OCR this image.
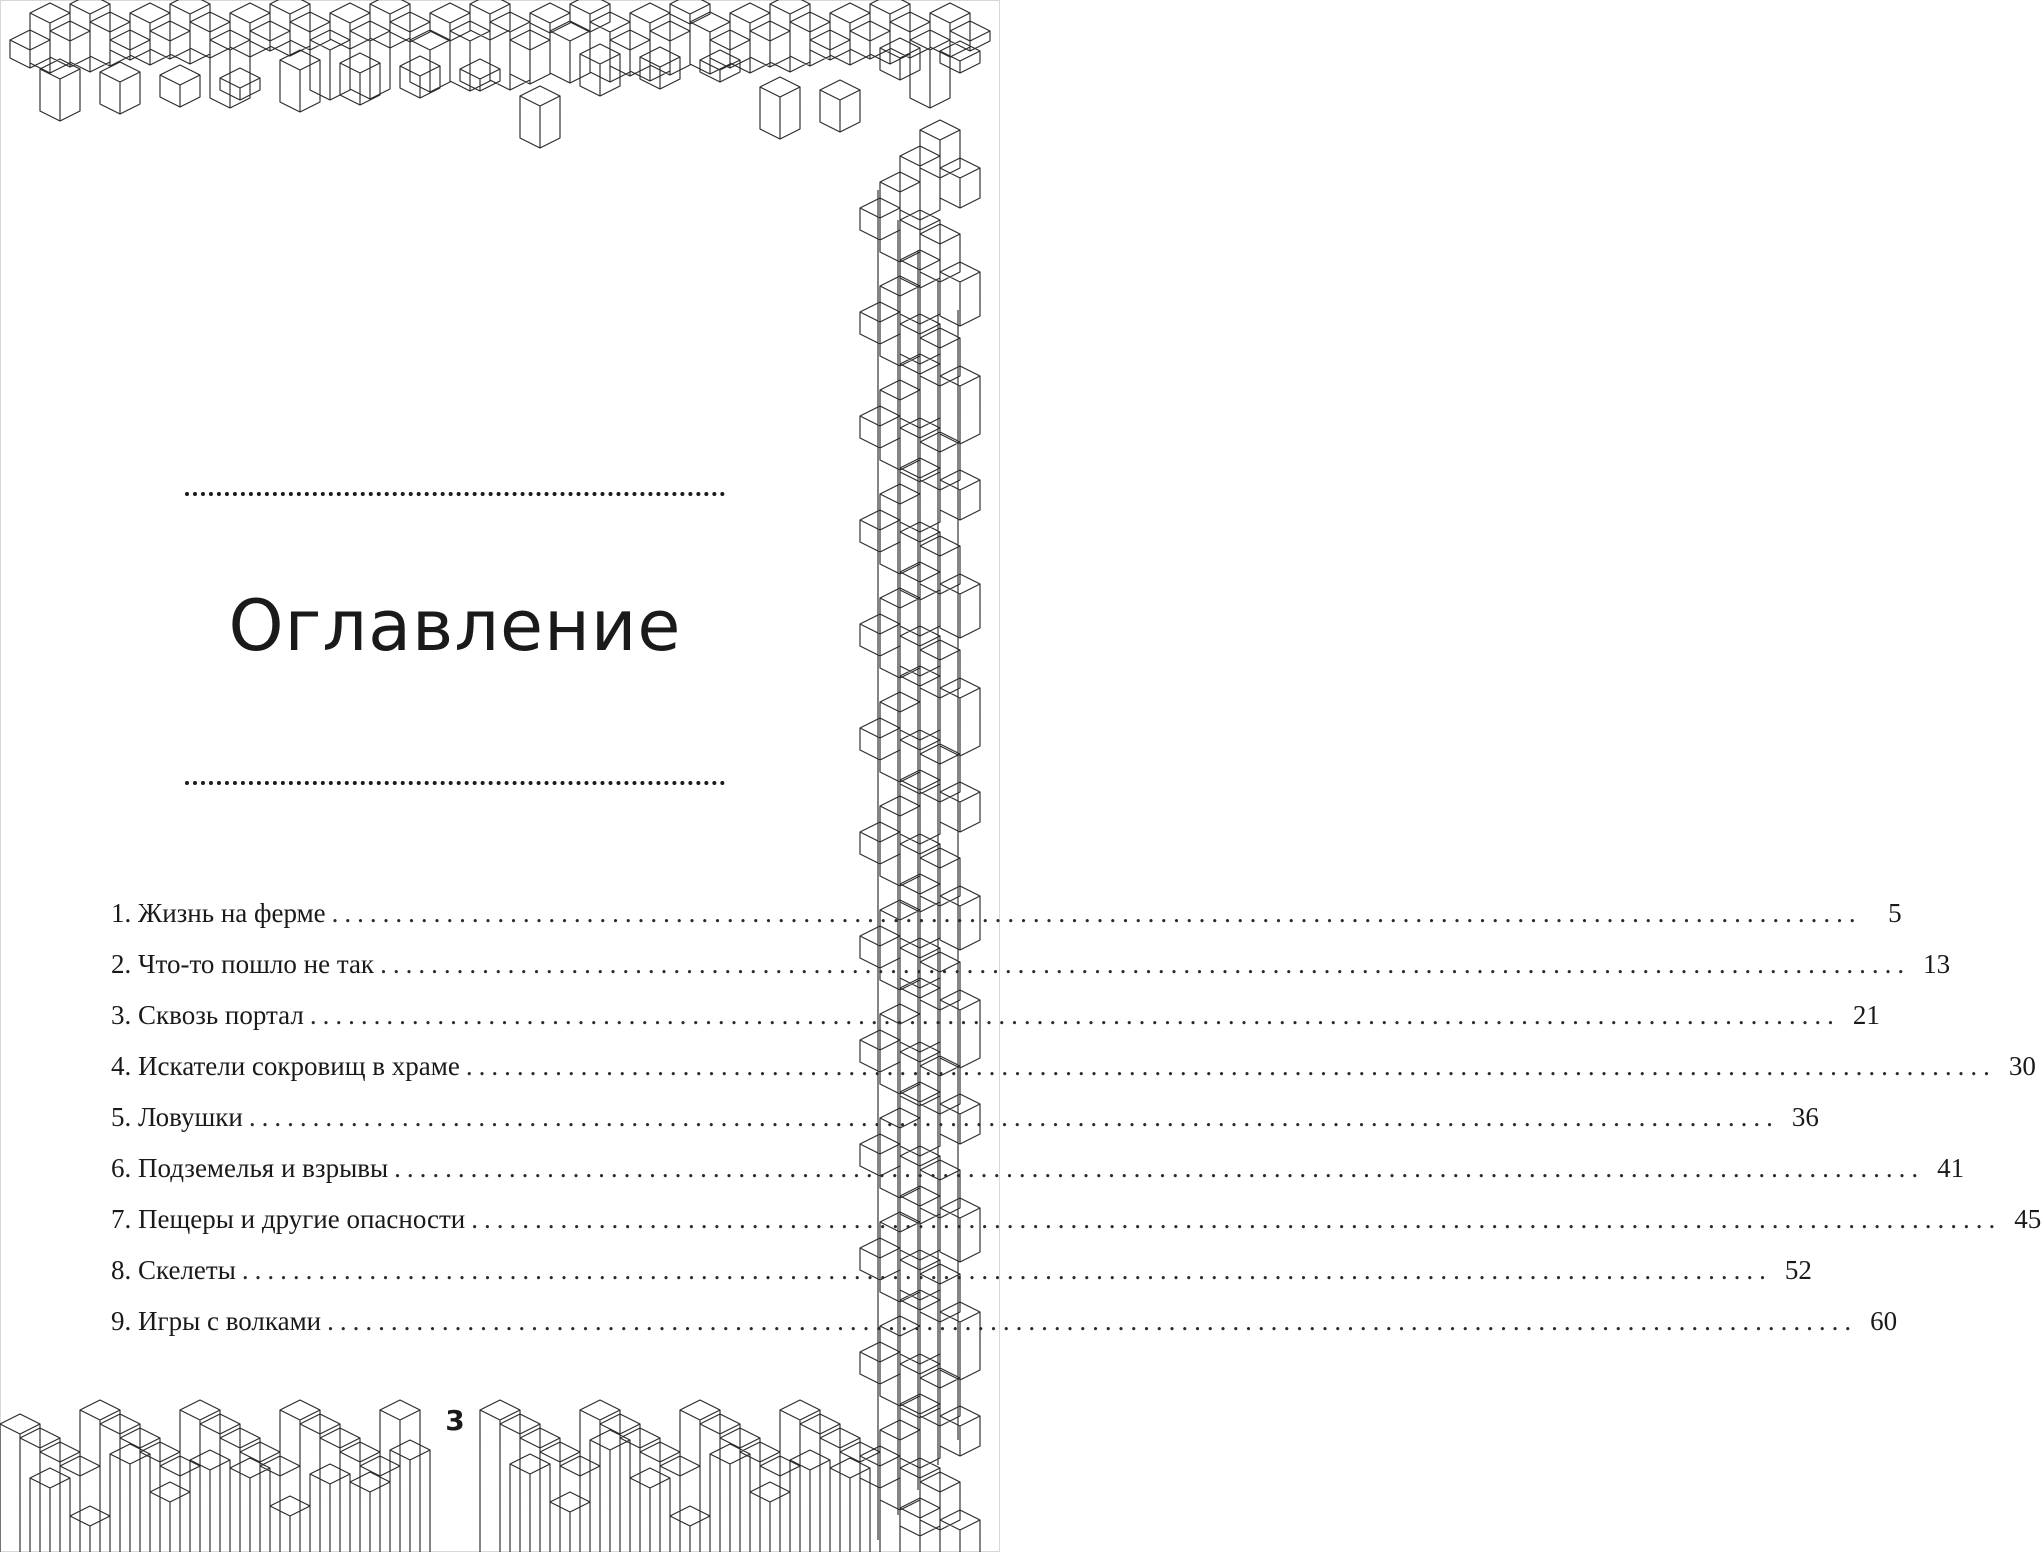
Оглавление
1. Жизнь на ферме ........................................................................................................................ 5
2. Что-то пошло не так ........................................................................................................................ 13
3. Сквозь портал ........................................................................................................................ 21
4. Искатели сокровищ в храме ........................................................................................................................ 30
5. Ловушки ........................................................................................................................ 36
6. Подземелья и взрывы ........................................................................................................................ 41
7. Пещеры и другие опасности ........................................................................................................................ 45
8. Скелеты ........................................................................................................................ 52
9. Игры с волками ........................................................................................................................ 60
3
